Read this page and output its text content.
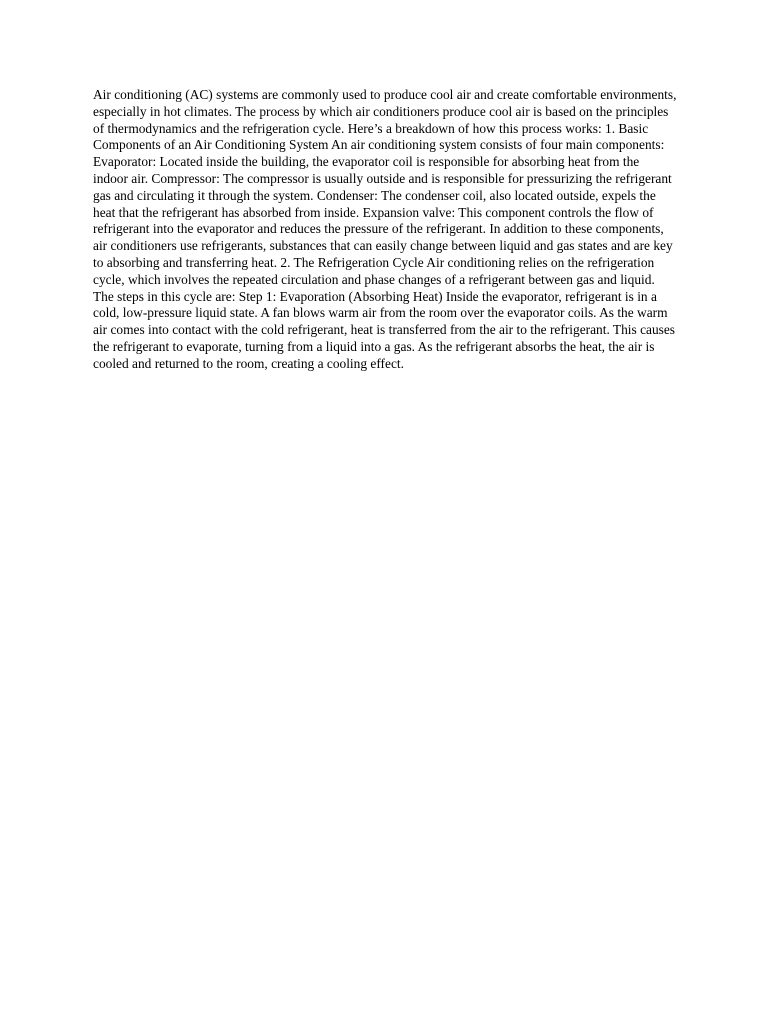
Air conditioning (AC) systems are commonly used to produce cool air and create comfortable environments, especially in hot climates. The process by which air conditioners produce cool air is based on the principles of thermodynamics and the refrigeration cycle. Here’s a breakdown of how this process works: 1. Basic Components of an Air Conditioning System An air conditioning system consists of four main components: Evaporator: Located inside the building, the evaporator coil is responsible for absorbing heat from the indoor air. Compressor: The compressor is usually outside and is responsible for pressurizing the refrigerant gas and circulating it through the system. Condenser: The condenser coil, also located outside, expels the heat that the refrigerant has absorbed from inside. Expansion valve: This component controls the flow of refrigerant into the evaporator and reduces the pressure of the refrigerant. In addition to these components, air conditioners use refrigerants, substances that can easily change between liquid and gas states and are key to absorbing and transferring heat. 2. The Refrigeration Cycle Air conditioning relies on the refrigeration cycle, which involves the repeated circulation and phase changes of a refrigerant between gas and liquid. The steps in this cycle are: Step 1: Evaporation (Absorbing Heat) Inside the evaporator, refrigerant is in a cold, low-pressure liquid state. A fan blows warm air from the room over the evaporator coils. As the warm air comes into contact with the cold refrigerant, heat is transferred from the air to the refrigerant. This causes the refrigerant to evaporate, turning from a liquid into a gas. As the refrigerant absorbs the heat, the air is cooled and returned to the room, creating a cooling effect.
